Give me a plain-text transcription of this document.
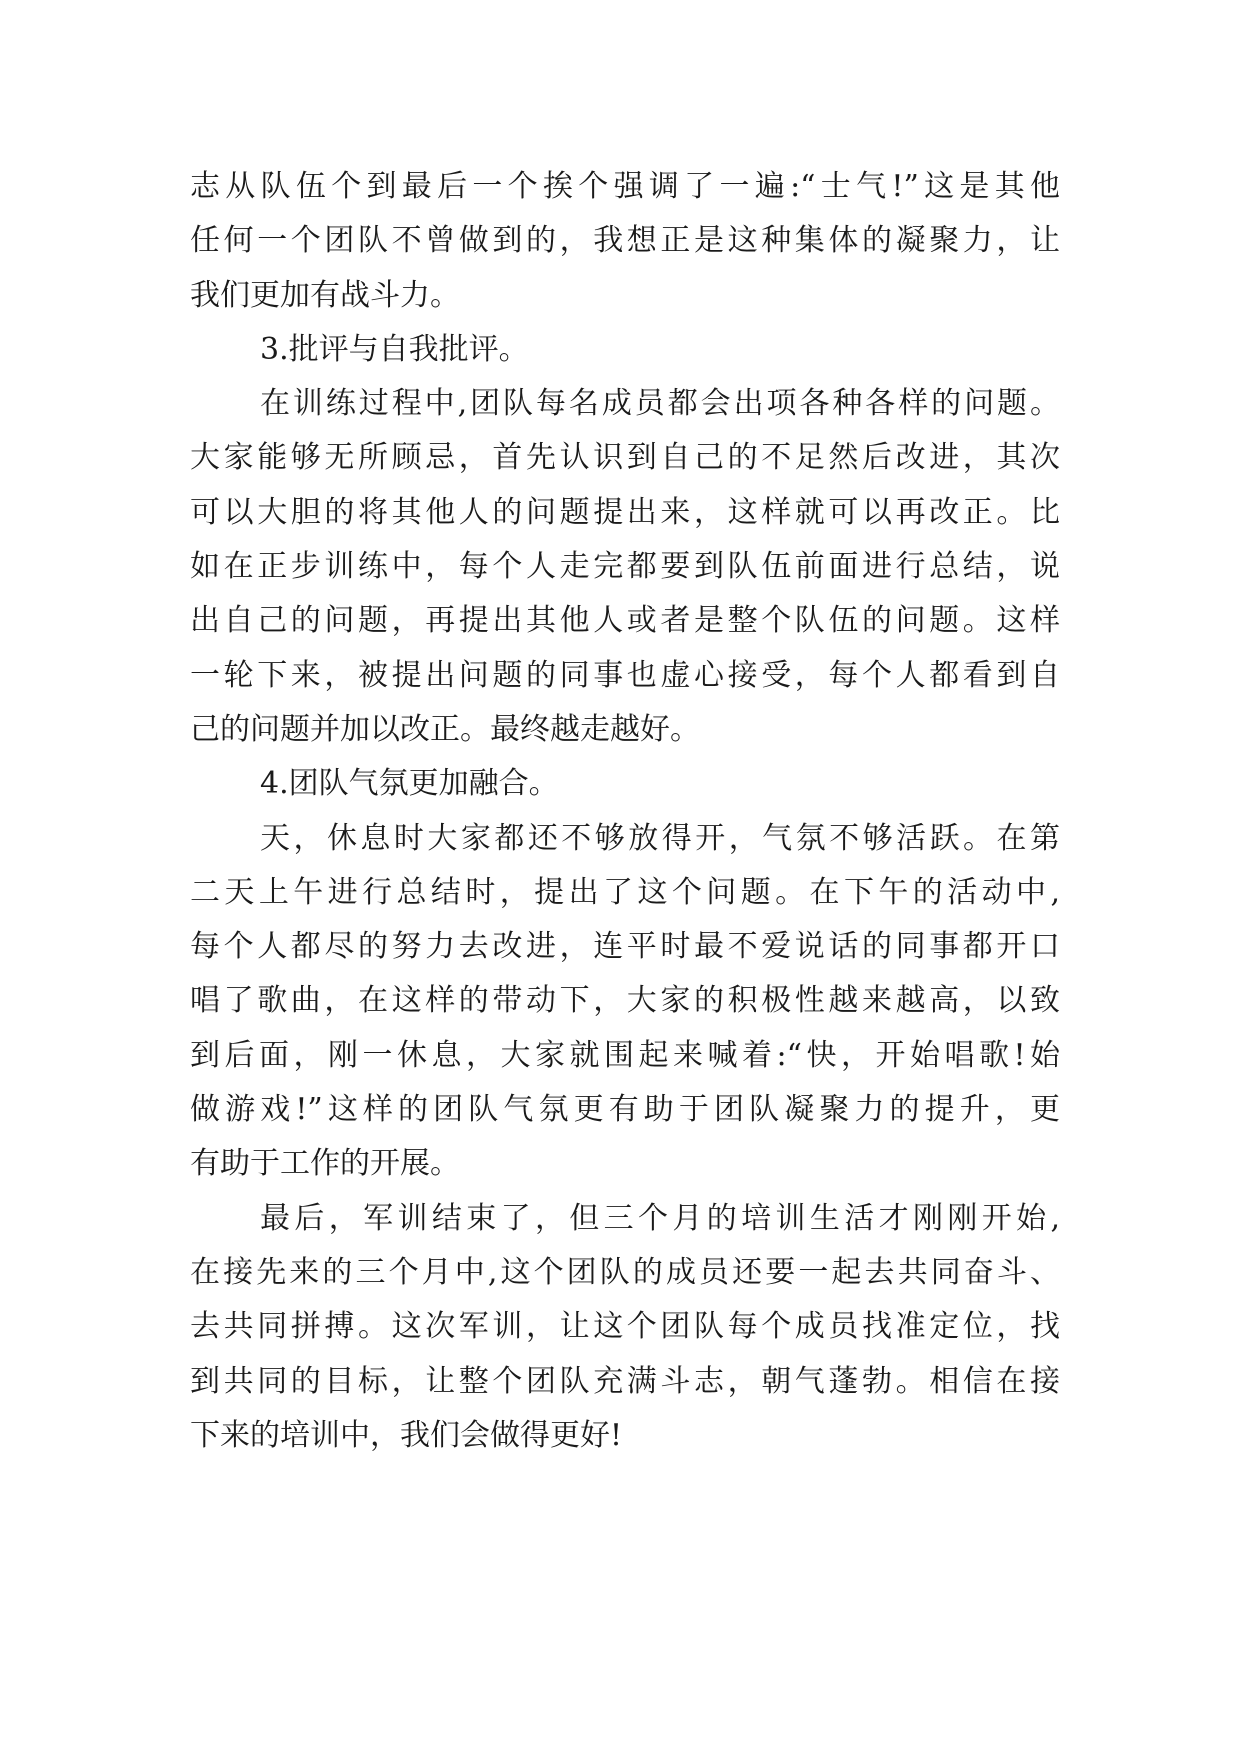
志从队伍个到最后一个挨个强调了一遍:“士气!”这是其他
任何一个团队不曾做到的，我想正是这种集体的凝聚力，让
我们更加有战斗力。
3.批评与自我批评。
在训练过程中,团队每名成员都会出项各种各样的问题。
大家能够无所顾忌，首先认识到自己的不足然后改进，其次
可以大胆的将其他人的问题提出来，这样就可以再改正。比
如在正步训练中，每个人走完都要到队伍前面进行总结，说
出自己的问题，再提出其他人或者是整个队伍的问题。这样
一轮下来，被提出问题的同事也虚心接受，每个人都看到自
己的问题并加以改正。最终越走越好。
4.团队气氛更加融合。
天，休息时大家都还不够放得开，气氛不够活跃。在第
二天上午进行总结时，提出了这个问题。在下午的活动中,
每个人都尽的努力去改进，连平时最不爱说话的同事都开口
唱了歌曲，在这样的带动下，大家的积极性越来越高，以致
到后面，刚一休息，大家就围起来喊着:“快，开始唱歌!始
做游戏!”这样的团队气氛更有助于团队凝聚力的提升，更
有助于工作的开展。
最后，军训结束了，但三个月的培训生活才刚刚开始,
在接先来的三个月中,这个团队的成员还要一起去共同奋斗、
去共同拼搏。这次军训，让这个团队每个成员找准定位，找
到共同的目标，让整个团队充满斗志，朝气蓬勃。相信在接
下来的培训中，我们会做得更好!
